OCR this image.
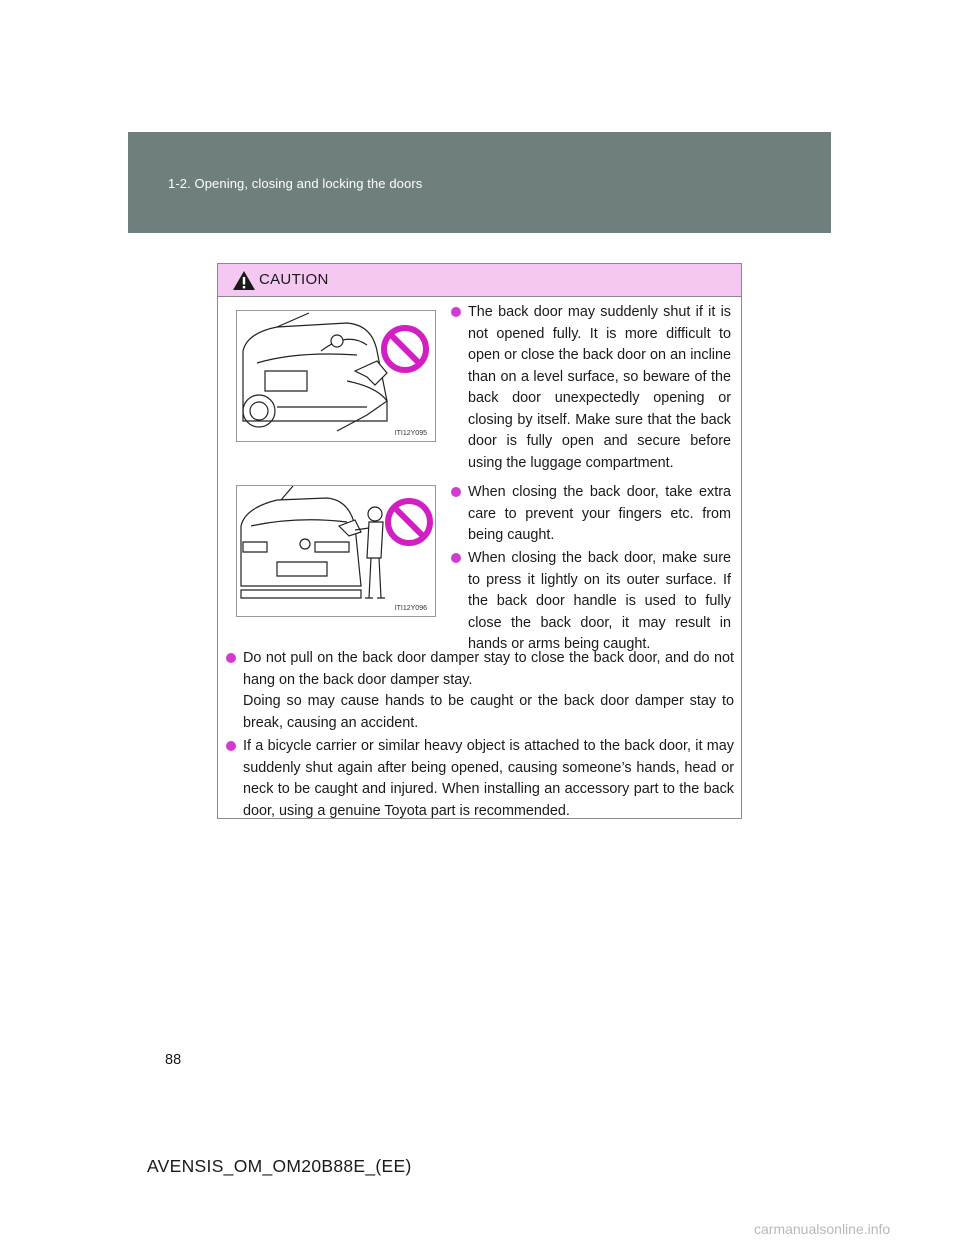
1-2. Opening, closing and locking the doors
CAUTION
ITI12Y095
ITI12Y096
The back door may suddenly shut if it is not opened fully. It is more difficult to open or close the back door on an incline than on a level surface, so beware of the back door unexpectedly opening or closing by itself. Make sure that the back door is fully open and secure before using the luggage compartment.
When closing the back door, take extra care to prevent your fingers etc. from being caught.
When closing the back door, make sure to press it lightly on its outer surface. If the back door handle is used to fully close the back door, it may result in hands or arms being caught.
Do not pull on the back door damper stay to close the back door, and do not hang on the back door damper stay.
Doing so may cause hands to be caught or the back door damper stay to break, causing an accident.
If a bicycle carrier or similar heavy object is attached to the back door, it may suddenly shut again after being opened, causing someone’s hands, head or neck to be caught and injured. When installing an accessory part to the back door, using a genuine Toyota part is recommended.
88
AVENSIS_OM_OM20B88E_(EE)
carmanualsonline.info
